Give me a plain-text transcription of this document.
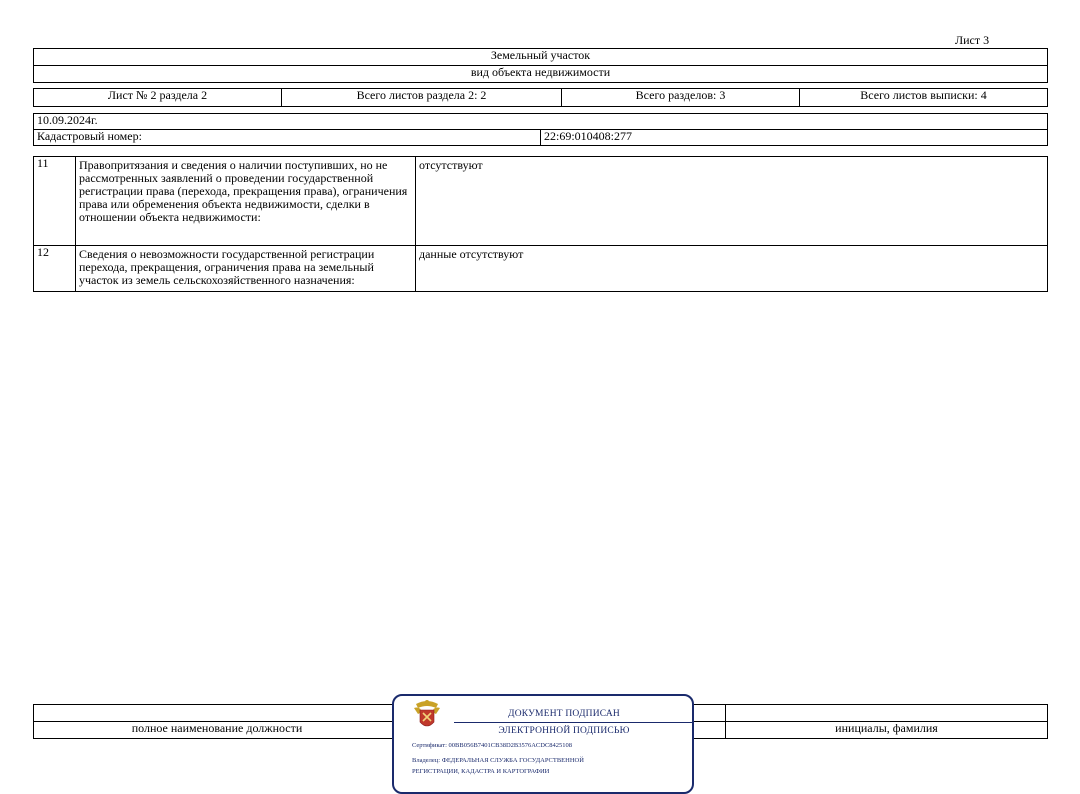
Лист 3
Земельный участок
вид объекта недвижимости
Лист № 2 раздела 2	Всего листов раздела 2: 2	Всего разделов: 3	Всего листов выписки: 4
10.09.2024г.
Кадастровый номер:	22:69:010408:277
11	Правопритязания и сведения о наличии поступивших, но не рассмотренных заявлений о проведении государственной регистрации права (перехода, прекращения права), ограничения права или обременения объекта недвижимости, сделки в отношении объекта недвижимости:	отсутствуют
12	Сведения о невозможности государственной регистрации перехода, прекращения, ограничения права на земельный участок из земель сельскохозяйственного назначения:	данные отсутствуют

полное наименование должности		инициалы, фамилия
ДОКУМЕНТ ПОДПИСАН
ЭЛЕКТРОННОЙ ПОДПИСЬЮ
Сертификат: 00BB056B7401CB38D2B3576ACDC8425108
Владелец: ФЕДЕРАЛЬНАЯ СЛУЖБА ГОСУДАРСТВЕННОЙ
РЕГИСТРАЦИИ, КАДАСТРА И КАРТОГРАФИИ
